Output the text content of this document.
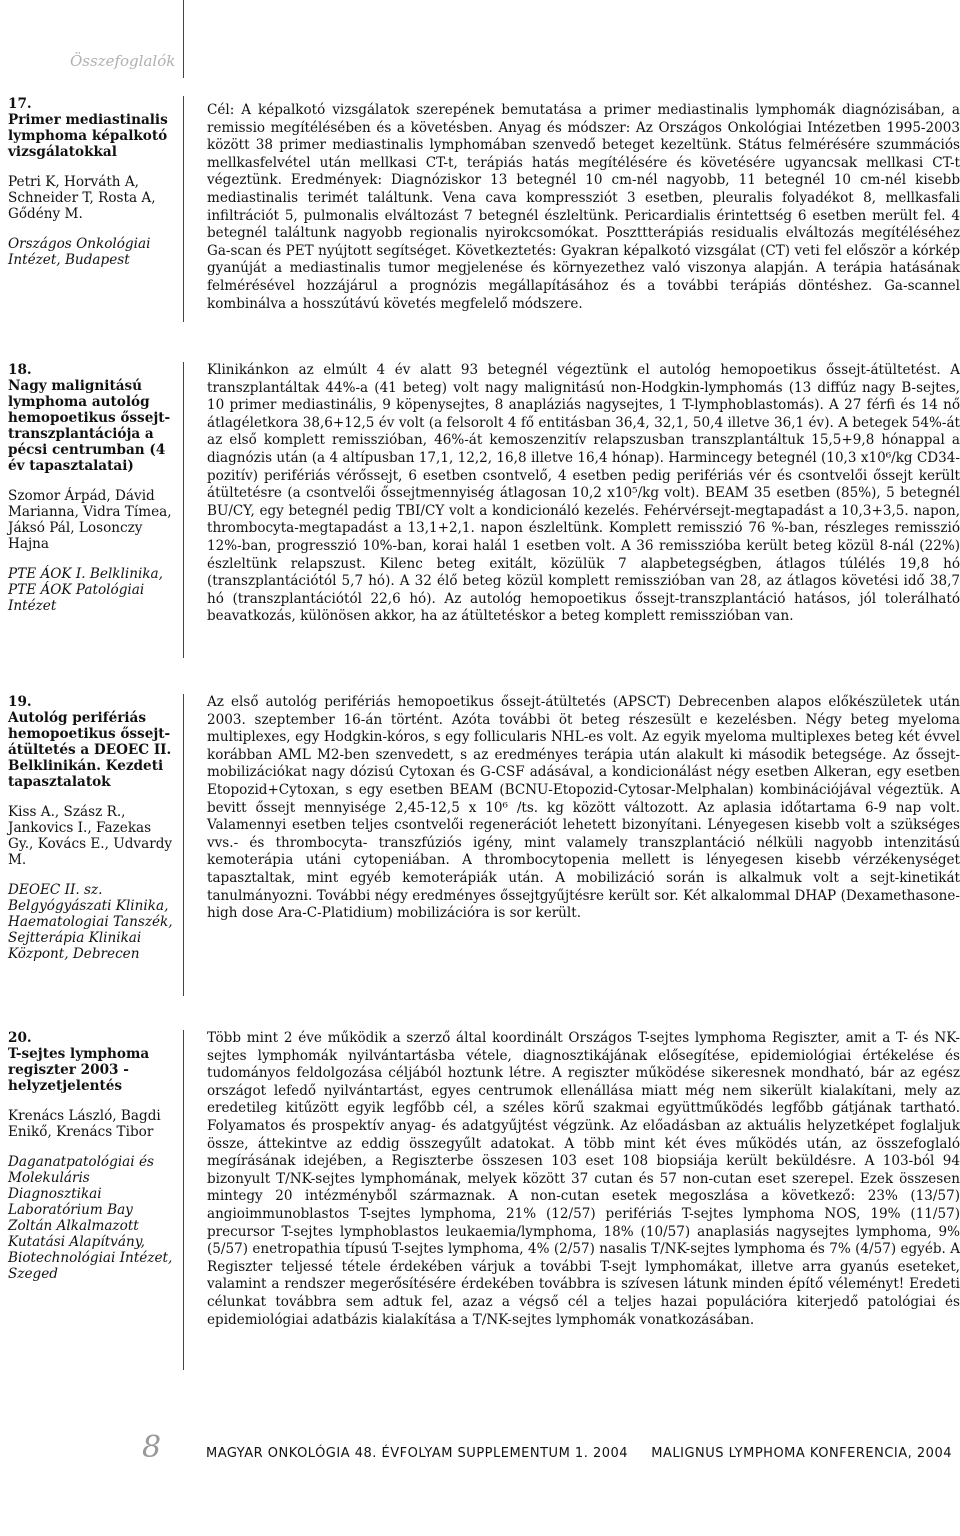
Összefoglalók
17.
Primer mediastinalis lymphoma képalkotó vizsgálatokkal
Petri K, Horváth A, Schneider T, Rosta A, Gődény M.
Országos Onkológiai Intézet, Budapest
Cél: A képalkotó vizsgálatok szerepének bemutatása a primer mediastinalis lymphomák diagnózisában, a remissio megítélésében és a követésben. Anyag és módszer: Az Országos Onkológiai Intézetben 1995-2003 között 38 primer mediastinalis lymphomában szenvedő beteget kezeltünk. Státus felmérésére szummációs mellkasfelvétel után mellkasi CT-t, terápiás hatás megítélésére és követésére ugyancsak mellkasi CT-t végeztünk. Eredmények: Diagnóziskor 13 betegnél 10 cm-nél nagyobb, 11 betegnél 10 cm-nél kisebb mediastinalis terimét találtunk. Vena cava kompressziót 3 esetben, pleuralis folyadékot 8, mellkasfali infiltrációt 5, pulmonalis elváltozást 7 betegnél észleltünk. Pericardialis érintettség 6 esetben merült fel. 4 betegnél találtunk nagyobb regionalis nyirokcsomókat. Poszttterápiás residualis elváltozás megítéléséhez Ga-scan és PET nyújtott segítséget. Következtetés: Gyakran képalkotó vizsgálat (CT) veti fel először a kórkép gyanúját a mediastinalis tumor megjelenése és környezethez való viszonya alapján. A terápia hatásának felmérésével hozzájárul a prognózis megállapításához és a további terápiás döntéshez. Ga-scannel kombinálva a hosszútávú követés megfelelő módszere.
18.
Nagy malignitású lymphoma autológ hemopoetikus őssejt-transzplantációja a pécsi centrumban (4 év tapasztalatai)
Szomor Árpád, Dávid Marianna, Vidra Tímea, Jáksó Pál, Losonczy Hajna
PTE ÁOK I. Belklinika, PTE ÁOK Patológiai Intézet
Klinikánkon az elmúlt 4 év alatt 93 betegnél végeztünk el autológ hemopoetikus őssejt-átültetést. A transzplantáltak 44%-a (41 beteg) volt nagy malignitású non-Hodgkin-lymphomás (13 diffúz nagy B-sejtes, 10 primer mediastinális, 9 köpenysejtes, 8 anapláziás nagysejtes, 1 T-lymphoblastomás). A 27 férfi és 14 nő átlagéletkora 38,6+12,5 év volt (a felsorolt 4 fő entitásban 36,4, 32,1, 50,4 illetve 36,1 év). A betegek 54%-át az első komplett remisszióban, 46%-át kemoszenzitív relapszusban transzplantáltuk 15,5+9,8 hónappal a diagnózis után (a 4 altípusban 17,1, 12,2, 16,8 illetve 16,4 hónap). Harmincegy betegnél (10,3 x10⁶/kg CD34-pozitív) perifériás vérőssejt, 6 esetben csontvelő, 4 esetben pedig perifériás vér és csontvelői őssejt került átültetésre (a csontvelői őssejtmennyiség átlagosan 10,2 x10⁵/kg volt). BEAM 35 esetben (85%), 5 betegnél BU/CY, egy betegnél pedig TBI/CY volt a kondicionáló kezelés. Fehérvérsejt-megtapadást a 10,3+3,5. napon, thrombocyta-megtapadást a 13,1+2,1. napon észleltünk. Komplett remisszió 76 %-ban, részleges remisszió 12%-ban, progresszió 10%-ban, korai halál 1 esetben volt. A 36 remisszióba került beteg közül 8-nál (22%) észleltünk relapszust. Kilenc beteg exitált, közülük 7 alapbetegségben, átlagos túlélés 19,8 hó (transzplantációtól 5,7 hó). A 32 élő beteg közül komplett remisszióban van 28, az átlagos követési idő 38,7 hó (transzplantációtól 22,6 hó). Az autológ hemopoetikus őssejt-transzplantáció hatásos, jól tolerálható beavatkozás, különösen akkor, ha az átültetéskor a beteg komplett remisszióban van.
19.
Autológ perifériás hemopoetikus őssejt-átültetés a DEOEC II. Belklinikán. Kezdeti tapasztalatok
Kiss A., Szász R., Jankovics I., Fazekas Gy., Kovács E., Udvardy M.
DEOEC II. sz. Belgyógyászati Klinika, Haematologiai Tanszék, Sejtterápia Klinikai Központ, Debrecen
Az első autológ perifériás hemopoetikus őssejt-átültetés (APSCT) Debrecenben alapos előkészületek után 2003. szeptember 16-án történt. Azóta további öt beteg részesült e kezelésben. Négy beteg myeloma multiplexes, egy Hodgkin-kóros, s egy follicularis NHL-es volt. Az egyik myeloma multiplexes beteg két évvel korábban AML M2-ben szenvedett, s az eredményes terápia után alakult ki második betegsége. Az őssejt-mobilizációkat nagy dózisú Cytoxan és G-CSF adásával, a kondicionálást négy esetben Alkeran, egy esetben Etopozid+Cytoxan, s egy esetben BEAM (BCNU-Etopozid-Cytosar-Melphalan) kombinációjával végeztük. A bevitt őssejt mennyisége 2,45-12,5 x 10⁶ /ts. kg között változott. Az aplasia időtartama 6-9 nap volt. Valamennyi esetben teljes csontvelői regenerációt lehetett bizonyítani. Lényegesen kisebb volt a szükséges vvs.- és thrombocyta- transzfúziós igény, mint valamely transzplantáció nélküli nagyobb intenzitású kemoterápia utáni cytopeniában. A thrombocytopenia mellett is lényegesen kisebb vérzékenységet tapasztaltak, mint egyéb kemoterápiák után. A mobilizáció során is alkalmuk volt a sejt-kinetikát tanulmányozni. További négy eredményes őssejtgyűjtésre került sor. Két alkalommal DHAP (Dexamethasone-high dose Ara-C-Platidium) mobilizációra is sor került.
20.
T-sejtes lymphoma regiszter 2003 - helyzetjelentés
Krenács László, Bagdi Enikő, Krenács Tibor
Daganatpatológiai és Molekuláris Diagnosztikai Laboratórium Bay Zoltán Alkalmazott Kutatási Alapítvány, Biotechnológiai Intézet, Szeged
Több mint 2 éve működik a szerző által koordinált Országos T-sejtes lymphoma Regiszter, amit a T- és NK-sejtes lymphomák nyilvántartásba vétele, diagnosztikájának elősegítése, epidemiológiai értékelése és tudományos feldolgozása céljából hoztunk létre. A regiszter működése sikeresnek mondható, bár az egész országot lefedő nyilvántartást, egyes centrumok ellenállása miatt még nem sikerült kialakítani, mely az eredetileg kitűzött egyik legfőbb cél, a széles körű szakmai együttműködés legfőbb gátjának tartható. Folyamatos és prospektív anyag- és adatgyűjtést végzünk. Az előadásban az aktuális helyzetképet foglaljuk össze, áttekintve az eddig összegyűlt adatokat. A több mint két éves működés után, az összefoglaló megírásának idejében, a Regiszterbe összesen 103 eset 108 biopsiája került beküldésre. A 103-ból 94 bizonyult T/NK-sejtes lymphomának, melyek között 37 cutan és 57 non-cutan eset szerepel. Ezek összesen mintegy 20 intézményből származnak. A non-cutan esetek megoszlása a következő: 23% (13/57) angioimmunoblastos T-sejtes lymphoma, 21% (12/57) perifériás T-sejtes lymphoma NOS, 19% (11/57) precursor T-sejtes lymphoblastos leukaemia/lymphoma, 18% (10/57) anaplasiás nagysejtes lymphoma, 9% (5/57) enetropathia típusú T-sejtes lymphoma, 4% (2/57) nasalis T/NK-sejtes lymphoma és 7% (4/57) egyéb. A Regiszter teljessé tétele érdekében várjuk a további T-sejt lymphomákat, illetve arra gyanús eseteket, valamint a rendszer megerősítésére érdekében továbbra is szívesen látunk minden építő véleményt! Eredeti célunkat továbbra sem adtuk fel, azaz a végső cél a teljes hazai populációra kiterjedő patológiai és epidemiológiai adatbázis kialakítása a T/NK-sejtes lymphomák vonatkozásában.
8	MAGYAR ONKOLÓGIA 48. ÉVFOLYAM SUPPLEMENTUM 1. 2004 MALIGNUS LYMPHOMA KONFERENCIA, 2004
